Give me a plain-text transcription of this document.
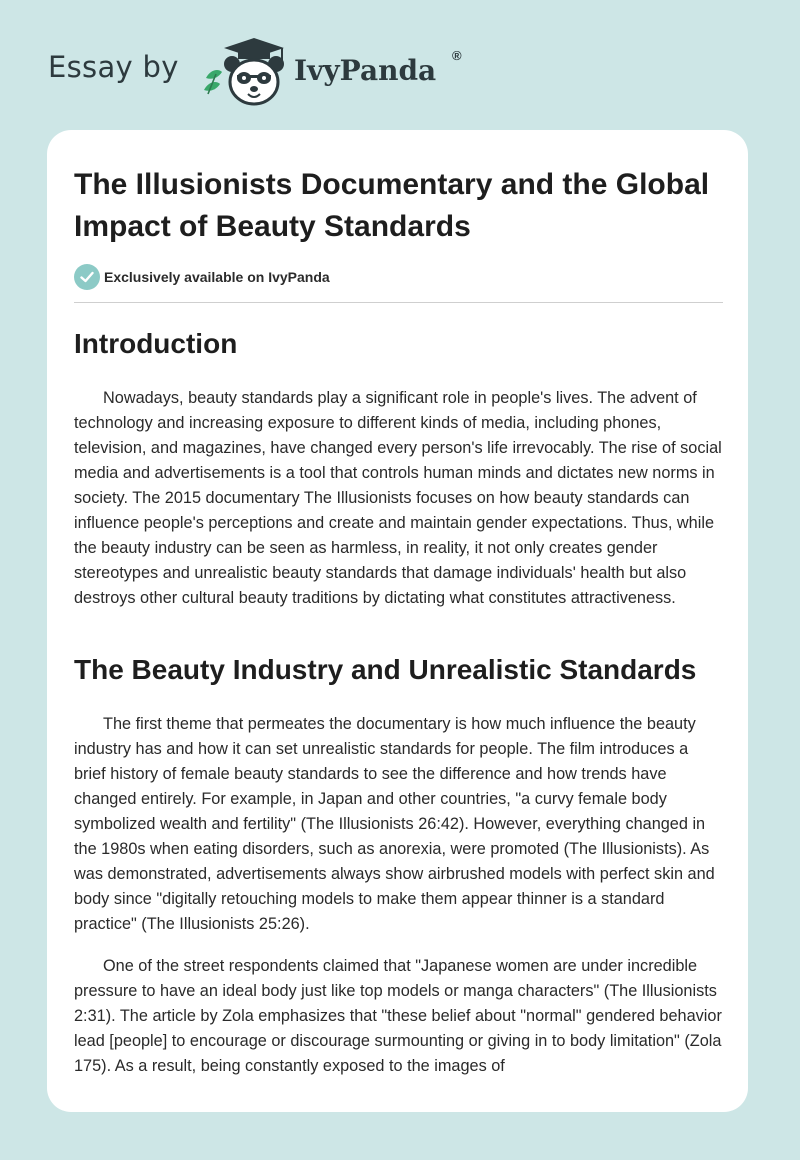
Essay by	IvyPanda ®
The Illusionists Documentary and the Global Impact of Beauty Standards
Exclusively available on IvyPanda
Introduction

Nowadays, beauty standards play a significant role in people's lives. The advent of technology and increasing exposure to different kinds of media, including phones, television, and magazines, have changed every person's life irrevocably. The rise of social media and advertisements is a tool that controls human minds and dictates new norms in society. The 2015 documentary The Illusionists focuses on how beauty standards can influence people's perceptions and create and maintain gender expectations. Thus, while the beauty industry can be seen as harmless, in reality, it not only creates gender stereotypes and unrealistic beauty standards that damage individuals' health but also destroys other cultural beauty traditions by dictating what constitutes attractiveness.

The Beauty Industry and Unrealistic Standards

The first theme that permeates the documentary is how much influence the beauty industry has and how it can set unrealistic standards for people. The film introduces a brief history of female beauty standards to see the difference and how trends have changed entirely. For example, in Japan and other countries, "a curvy female body symbolized wealth and fertility" (The Illusionists 26:42). However, everything changed in the 1980s when eating disorders, such as anorexia, were promoted (The Illusionists). As was demonstrated, advertisements always show airbrushed models with perfect skin and body since "digitally retouching models to make them appear thinner is a standard practice" (The Illusionists 25:26).

One of the street respondents claimed that "Japanese women are under incredible pressure to have an ideal body just like top models or manga characters" (The Illusionists 2:31). The article by Zola emphasizes that "these belief about "normal" gendered behavior lead [people] to encourage or discourage surmounting or giving in to body limitation" (Zola 175). As a result, being constantly exposed to the images of
